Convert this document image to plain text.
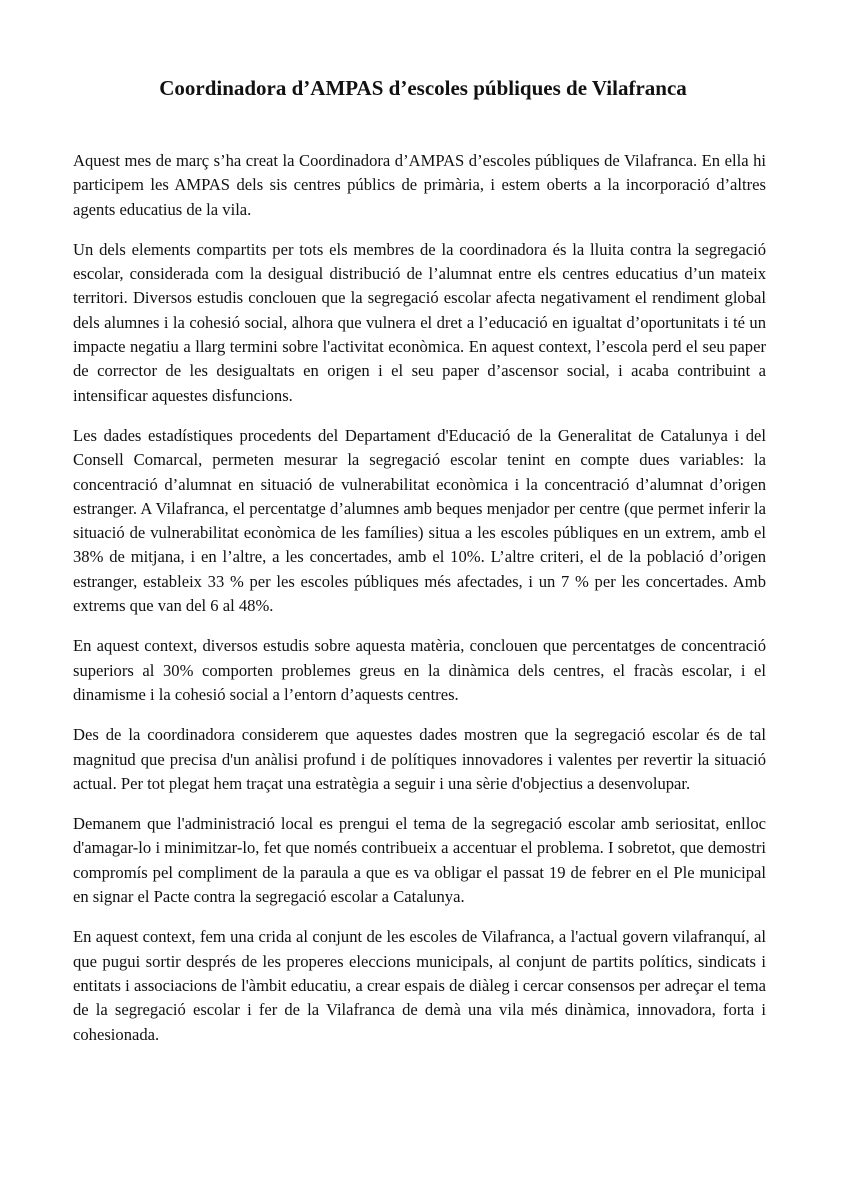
Coordinadora d’AMPAS d’escoles públiques de Vilafranca

Aquest mes de març s’ha creat la Coordinadora d’AMPAS d’escoles públiques de Vilafranca. En ella hi participem les AMPAS dels sis centres públics de primària, i estem oberts a la incorporació d’altres agents educatius de la vila.

Un dels elements compartits per tots els membres de la coordinadora és la lluita contra la segregació escolar, considerada com la desigual distribució de l’alumnat entre els centres educatius d’un mateix territori. Diversos estudis conclouen que la segregació escolar afecta negativament el rendiment global dels alumnes i la cohesió social, alhora que vulnera el dret a l’educació en igualtat d’oportunitats i té un impacte negatiu a llarg termini sobre l'activitat econòmica. En aquest context, l’escola perd el seu paper de corrector de les desigualtats en origen i el seu paper d’ascensor social, i acaba contribuint a intensificar aquestes disfuncions.

Les dades estadístiques procedents del Departament d'Educació de la Generalitat de Catalunya i del Consell Comarcal, permeten mesurar la segregació escolar tenint en compte dues variables: la concentració d’alumnat en situació de vulnerabilitat econòmica i la concentració d’alumnat d’origen estranger. A Vilafranca, el percentatge d’alumnes amb beques menjador per centre (que permet inferir la situació de vulnerabilitat econòmica de les famílies) situa a les escoles públiques en un extrem, amb el 38% de mitjana, i en l’altre, a les concertades, amb el 10%. L’altre criteri, el de la població d’origen estranger, estableix 33 % per les escoles públiques més afectades, i un 7 % per les concertades. Amb extrems que van del 6 al 48%.

En aquest context, diversos estudis sobre aquesta matèria, conclouen que percentatges de concentració superiors al 30% comporten problemes greus en la dinàmica dels centres, el fracàs escolar, i el dinamisme i la cohesió social a l’entorn d’aquests centres.

Des de la coordinadora considerem que aquestes dades mostren que la segregació escolar és de tal magnitud que precisa d'un anàlisi profund i de polítiques innovadores i valentes per revertir la situació actual. Per tot plegat hem traçat una estratègia a seguir i una sèrie d'objectius a desenvolupar.

Demanem que l'administració local es prengui el tema de la segregació escolar amb seriositat, enlloc d'amagar-lo i minimitzar-lo, fet que només contribueix a accentuar el problema. I sobretot, que demostri compromís pel compliment de la paraula a que es va obligar el passat 19 de febrer en el Ple municipal en signar el Pacte contra la segregació escolar a Catalunya.

En aquest context, fem una crida al conjunt de les escoles de Vilafranca, a l'actual govern vilafranquí, al que pugui sortir després de les properes eleccions municipals, al conjunt de partits polítics, sindicats i entitats i associacions de l'àmbit educatiu, a crear espais de diàleg i cercar consensos per adreçar el tema de la segregació escolar i fer de la Vilafranca de demà una vila més dinàmica, innovadora, forta i cohesionada.
